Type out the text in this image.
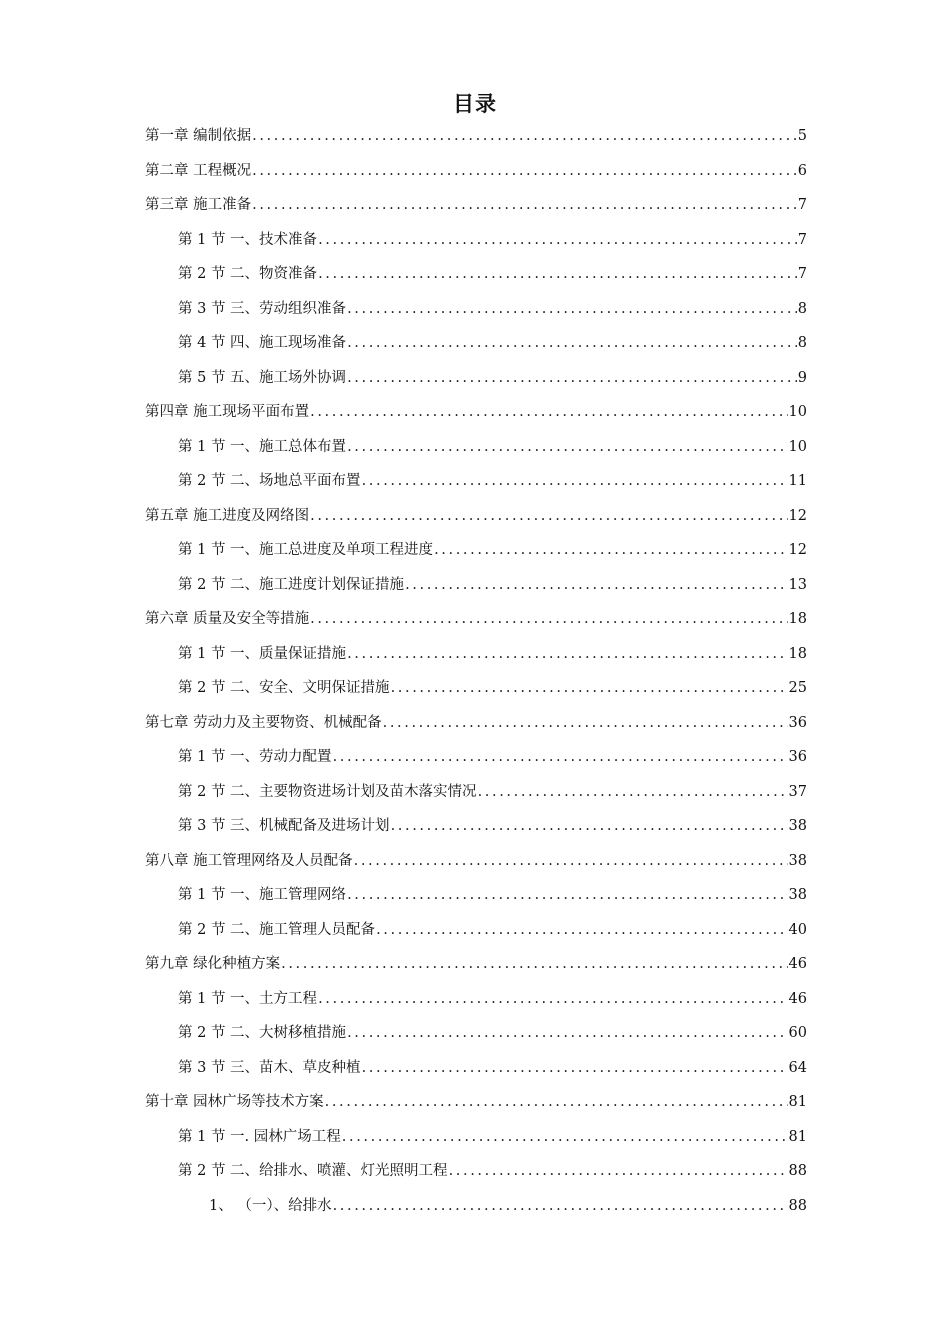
目录
第一章 编制依据 .....	5
第二章 工程概况 .....	6
第三章 施工准备 .....	7
第 1 节 一、技术准备 .....	7
第 2 节 二、物资准备 .....	7
第 3 节 三、劳动组织准备 .....	8
第 4 节 四、施工现场准备 .....	8
第 5 节 五、施工场外协调 .....	9
第四章 施工现场平面布置 .....	10
第 1 节 一、施工总体布置 .....	10
第 2 节 二、场地总平面布置 .....	11
第五章 施工进度及网络图 .....	12
第 1 节 一、施工总进度及单项工程进度 .....	12
第 2 节 二、施工进度计划保证措施 .....	13
第六章 质量及安全等措施 .....	18
第 1 节 一、质量保证措施 .....	18
第 2 节 二、安全、文明保证措施 .....	25
第七章 劳动力及主要物资、机械配备 .....	36
第 1 节 一、劳动力配置 .....	36
第 2 节 二、主要物资进场计划及苗木落实情况 .....	37
第 3 节 三、机械配备及进场计划 .....	38
第八章 施工管理网络及人员配备 .....	38
第 1 节 一、施工管理网络 .....	38
第 2 节 二、施工管理人员配备 .....	40
第九章 绿化种植方案 .....	46
第 1 节 一、土方工程 .....	46
第 2 节 二、大树移植措施 .....	60
第 3 节 三、苗木、草皮种植 .....	64
第十章 园林广场等技术方案 .....	81
第 1 节 一. 园林广场工程 .....	81
第 2 节 二、给排水、喷灌、灯光照明工程 .....	88
1、 （一）、给排水 .....	88
